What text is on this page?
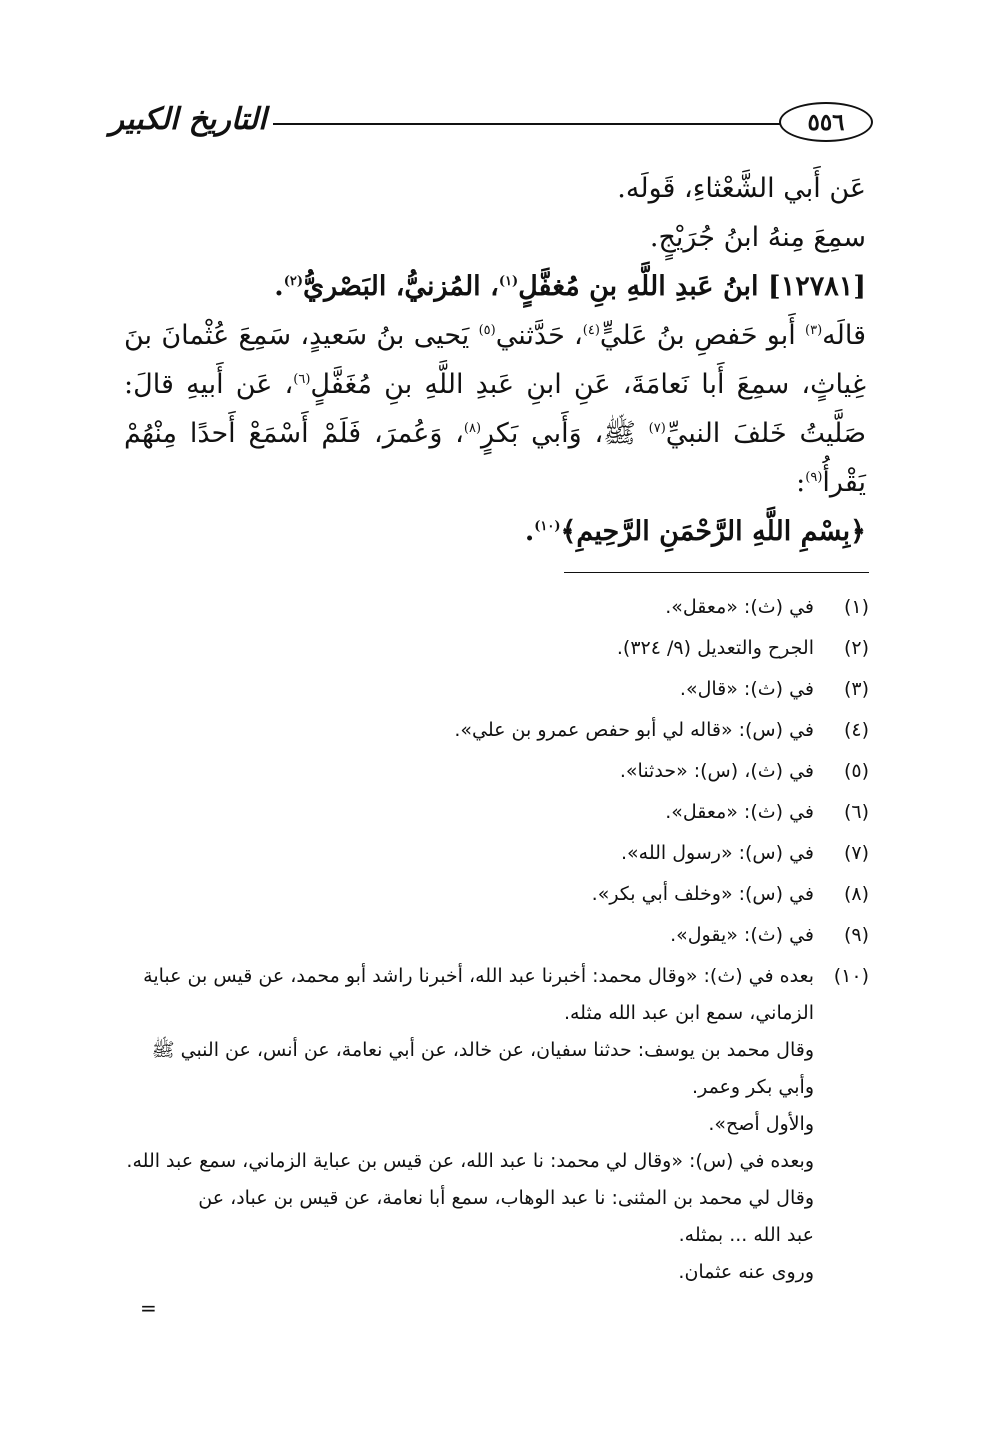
٥٥٦
التاريخ الكبير

عَن أَبي الشَّعْثاءِ، قَولَه.

سمِعَ مِنهُ ابنُ جُرَيْجٍ.

[١٢٧٨١] ابنُ عَبدِ اللَّهِ بنِ مُغفَّلٍ$^{(١)}$، المُزنيُّ، البَصْريُّ$^{(٢)}$.

قالَه$^{(٣)}$ أَبو حَفصِ بنُ عَليٍّ$^{(٤)}$، حَدَّثني$^{(٥)}$ يَحيى بنُ سَعيدٍ، سَمِعَ عُثْمانَ بنَ غِياثٍ، سمِعَ أَبا نَعامَةَ، عَنِ ابنِ عَبدِ اللَّهِ بنِ مُغَفَّلٍ$^{(٦)}$، عَن أَبيهِ قالَ: صَلَّيتُ خَلفَ النبيِّ$^{(٧)}$ ﷺ، وَأَبي بَكرٍ$^{(٨)}$، وَعُمرَ، فَلَمْ أَسْمَعْ أَحدًا مِنْهُمْ يَقْرأُ$^{(٩)}$:

﴿بِسْمِ اللَّهِ الرَّحْمَنِ الرَّحِيمِ﴾$^{(١٠)}$.

(١)
في (ث): «معقل».
(٢)
الجرح والتعديل (٩/ ٣٢٤).
(٣)
في (ث): «قال».
(٤)
في (س): «قاله لي أبو حفص عمرو بن علي».
(٥)
في (ث)، (س): «حدثنا».
(٦)
في (ث): «معقل».
(٧)
في (س): «رسول الله».
(٨)
في (س): «وخلف أبي بكر».
(٩)
في (ث): «يقول».
(١٠)

بعده في (ث): «وقال محمد: أخبرنا عبد الله، أخبرنا راشد أبو محمد، عن قيس بن عباية

الزماني، سمع ابن عبد الله مثله.

وقال محمد بن يوسف: حدثنا سفيان، عن خالد، عن أبي نعامة، عن أنس، عن النبي ﷺ

وأبي بكر وعمر.

والأول أصح».

وبعده في (س): «وقال لي محمد: نا عبد الله، عن قيس بن عباية الزماني، سمع عبد الله.

وقال لي محمد بن المثنى: نا عبد الوهاب، سمع أبا نعامة، عن قيس بن عباد، عن

عبد الله ... بمثله.

وروى عنه عثمان.

=
